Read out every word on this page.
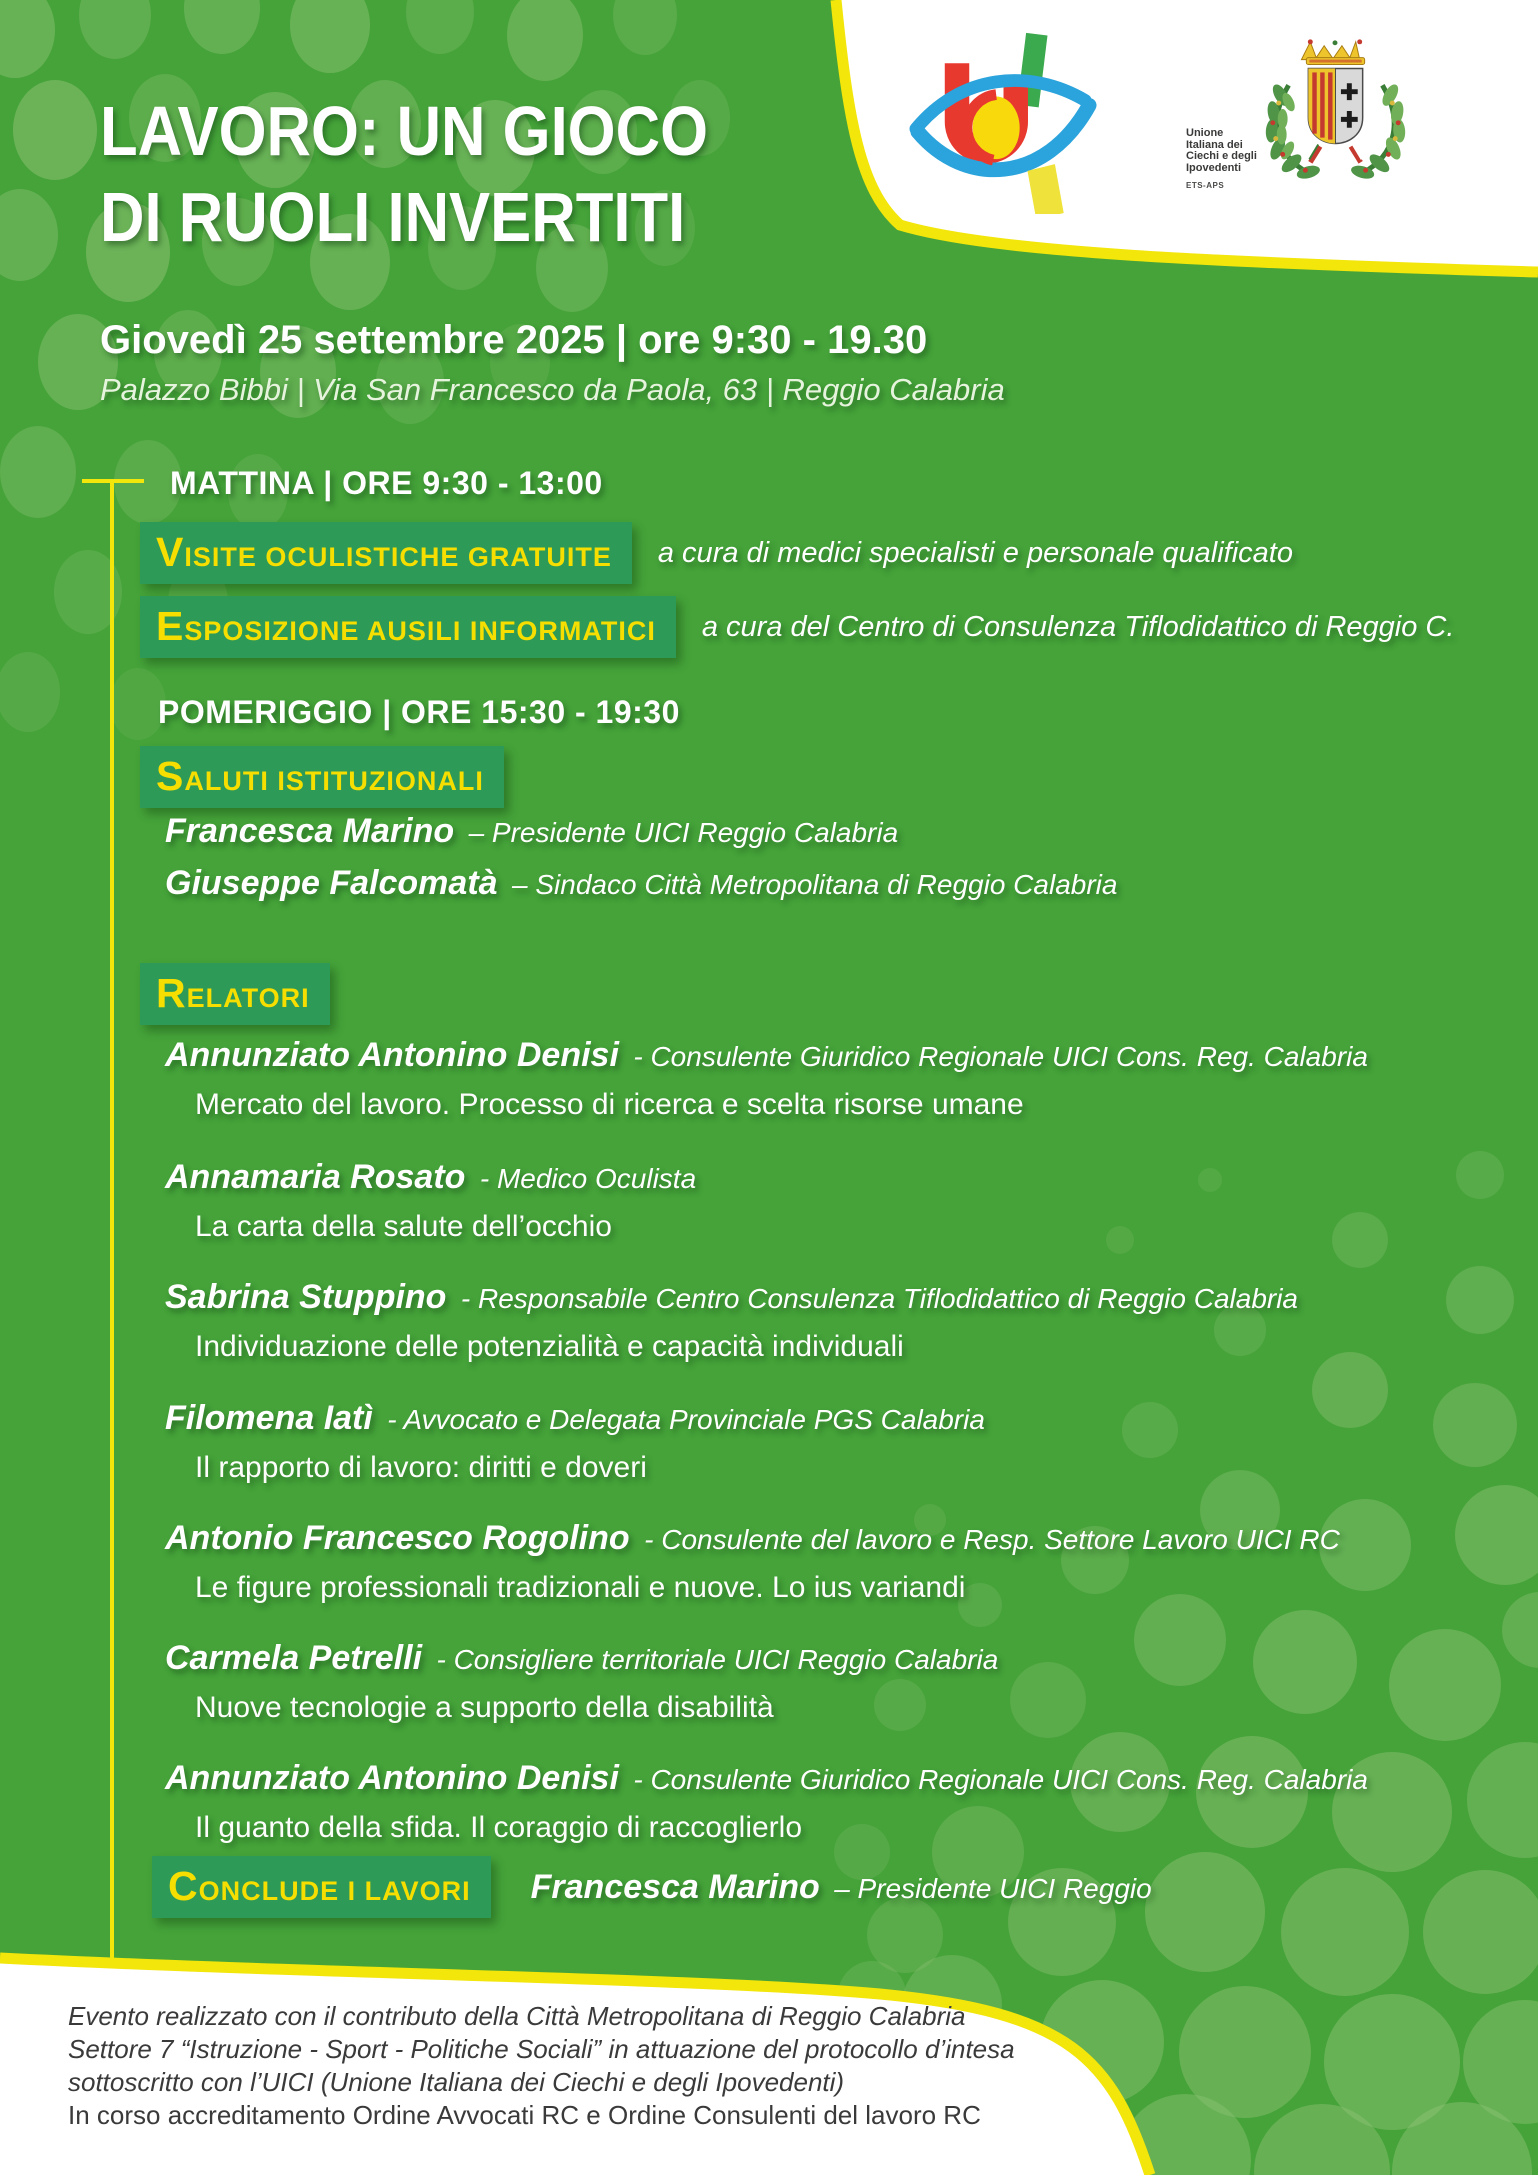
LAVORO: UN GIOCO
DI RUOLI INVERTITI
Giovedì 25 settembre 2025 | ore 9:30 - 19.30
Palazzo Bibbi | Via San Francesco da Paola, 63 | Reggio Calabria
Unione
Italiana dei
Ciechi e degli
Ipovedenti
ETS-APS
MATTINA | ORE 9:30 - 13:00
VISITE OCULISTICHE GRATUITE	a cura di medici specialisti e personale qualificato
ESPOSIZIONE AUSILI INFORMATICI	a cura del Centro di Consulenza Tiflodidattico di Reggio C.
POMERIGGIO | ORE 15:30 - 19:30
SALUTI ISTITUZIONALI
Francesca Marino – Presidente UICI Reggio Calabria
Giuseppe Falcomatà – Sindaco Città Metropolitana di Reggio Calabria
RELATORI
Annunziato Antonino Denisi - Consulente Giuridico Regionale UICI Cons. Reg. Calabria
Mercato del lavoro. Processo di ricerca e scelta risorse umane
Annamaria Rosato - Medico Oculista
La carta della salute dell’occhio
Sabrina Stuppino - Responsabile Centro Consulenza Tiflodidattico di Reggio Calabria
Individuazione delle potenzialità e capacità individuali
Filomena Iatì - Avvocato e Delegata Provinciale PGS Calabria
Il rapporto di lavoro: diritti e doveri
Antonio Francesco Rogolino - Consulente del lavoro e Resp. Settore Lavoro UICI RC
Le figure professionali tradizionali e nuove. Lo ius variandi
Carmela Petrelli - Consigliere territoriale UICI Reggio Calabria
Nuove tecnologie a supporto della disabilità
Annunziato Antonino Denisi - Consulente Giuridico Regionale UICI Cons. Reg. Calabria
Il guanto della sfida. Il coraggio di raccoglierlo
CONCLUDE I LAVORI	Francesca Marino – Presidente UICI Reggio
Evento realizzato con il contributo della Città Metropolitana di Reggio Calabria
Settore 7 “Istruzione - Sport - Politiche Sociali” in attuazione del protocollo d’intesa
sottoscritto con l’UICI (Unione Italiana dei Ciechi e degli Ipovedenti)
In corso accreditamento Ordine Avvocati RC e Ordine Consulenti del lavoro RC
